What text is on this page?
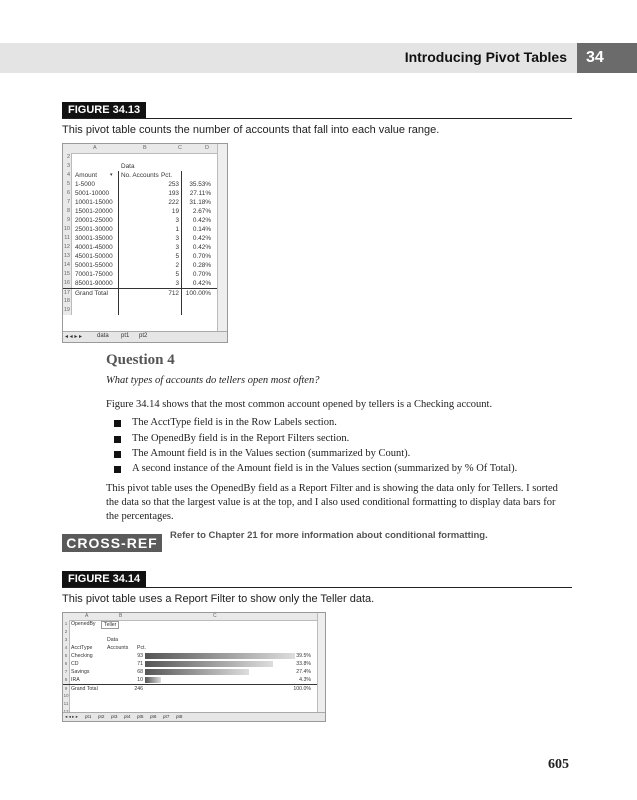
Introducing Pivot Tables	34
FIGURE 34.13
This pivot table counts the number of accounts that fall into each value range.
A	B	C	D
2
3	Data
4 Amount	▾ No. Accounts Pct.
5 1-5000	253 35.53%
6 5001-10000	193 27.11%
7 10001-15000	222 31.18%
8 15001-20000	19 2.67%
9 20001-25000	3 0.42%
10 25001-30000	1 0.14%
11 30001-35000	3 0.42%
12 40001-45000	3 0.42%
13 45001-50000	5 0.70%
14 50001-55000	2 0.28%
15 70001-75000	5 0.70%
16 85001-90000	3 0.42%
17 Grand Total	712 100.00%
18
19
◂ ◂ ▸ ▸ data pt1 pt2
Question 4
What types of accounts do tellers open most often?
Figure 34.14 shows that the most common account opened by tellers is a Checking account.
The AcctType field is in the Row Labels section.
The OpenedBy field is in the Report Filters section.
The Amount field is in the Values section (summarized by Count).
A second instance of the Amount field is in the Values section (summarized by % Of Total).
This pivot table uses the OpenedBy field as a Report Filter and is showing the data only for Tellers. I sorted
the data so that the largest value is at the top, and I also used conditional formatting to display data bars for
the percentages.
CROSS-REF	Refer to Chapter 21 for more information about conditional formatting.
FIGURE 34.14
This pivot table uses a Report Filter to show only the Teller data.
A	B	C
1 OpenedBy	Teller
2
3	Data
4 AcctType	Accounts Pct.
5 Checking	93	39.5%
6 CD	71	33.8%
7 Savings	68	27.4%
8 IRA	10	4.3%
9 Grand Total	246	100.0%
10
11
◂ ◂ ▸ ▸ pt1 pt2 pt3 pt4 pt5 pt6 pt7 pt8
605
